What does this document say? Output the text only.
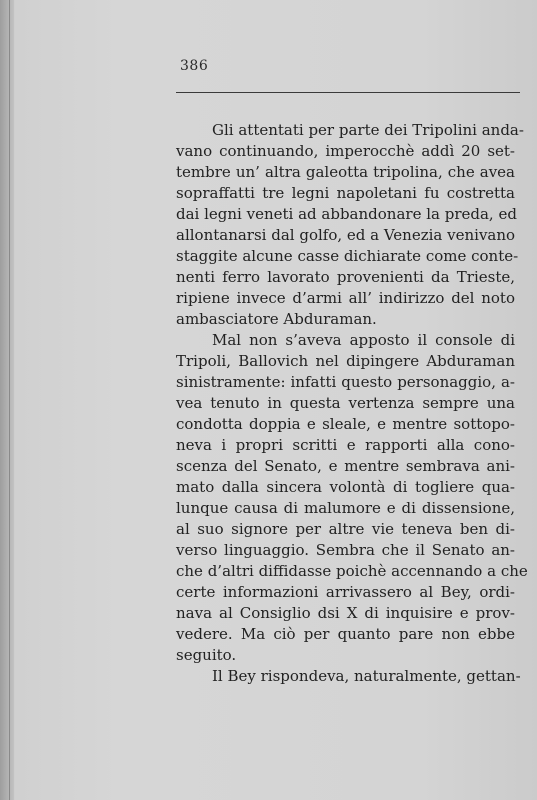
386
Gli attentati per parte dei Tripolini anda-
vano continuando, imperocchè addì 20 set-
tembre un’ altra galeotta tripolina, che avea
sopraffatti tre legni napoletani fu costretta
dai legni veneti ad abbandonare la preda, ed
allontanarsi dal golfo, ed a Venezia venivano
staggite alcune casse dichiarate come conte-
nenti ferro lavorato provenienti da Trieste,
ripiene invece d’armi all’ indirizzo del noto
ambasciatore Abduraman.
Mal non s’aveva apposto il console di
Tripoli, Ballovich nel dipingere Abduraman
sinistramente: infatti questo personaggio, a-
vea tenuto in questa vertenza sempre una
condotta doppia e sleale, e mentre sottopo-
neva i propri scritti e rapporti alla cono-
scenza del Senato, e mentre sembrava ani-
mato dalla sincera volontà di togliere qua-
lunque causa di malumore e di dissensione,
al suo signore per altre vie teneva ben di-
verso linguaggio. Sembra che il Senato an-
che d’altri diffidasse poichè accennando a che
certe informazioni arrivassero al Bey, ordi-
nava al Consiglio dsi X di inquisire e prov-
vedere. Ma ciò per quanto pare non ebbe
seguito.
Il Bey rispondeva, naturalmente, gettan-
